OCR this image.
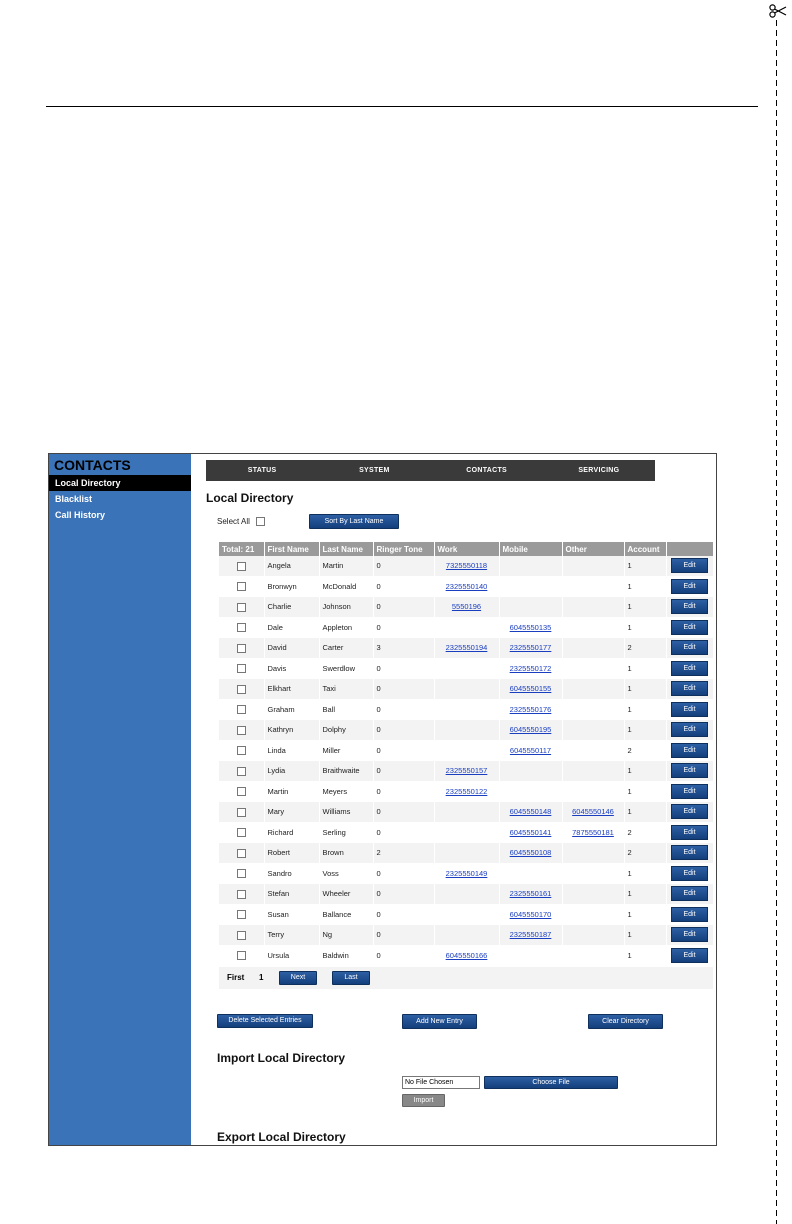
CONTACTS
Local Directory
Blacklist
Call History
STATUS	SYSTEM	CONTACTS	SERVICING
Local Directory
Select All	Sort By Last Name
Total: 21	First Name	Last Name	Ringer Tone	Work	Mobile	Other	Account	
	Angela	Martin	0	7325550118			1	Edit
	Bronwyn	McDonald	0	2325550140			1	Edit
	Charlie	Johnson	0	5550196			1	Edit
	Dale	Appleton	0		6045550135		1	Edit
	David	Carter	3	2325550194	2325550177		2	Edit
	Davis	Swerdlow	0		2325550172		1	Edit
	Elkhart	Taxi	0		6045550155		1	Edit
	Graham	Ball	0		2325550176		1	Edit
	Kathryn	Dolphy	0		6045550195		1	Edit
	Linda	Miller	0		6045550117		2	Edit
	Lydia	Braithwaite	0	2325550157			1	Edit
	Martin	Meyers	0	2325550122			1	Edit
	Mary	Williams	0		6045550148	6045550146	1	Edit
	Richard	Serling	0		6045550141	7875550181	2	Edit
	Robert	Brown	2		6045550108		2	Edit
	Sandro	Voss	0	2325550149			1	Edit
	Stefan	Wheeler	0		2325550161		1	Edit
	Susan	Ballance	0		6045550170		1	Edit
	Terry	Ng	0		2325550187		1	Edit
	Ursula	Baldwin	0	6045550166			1	Edit
First 1	Next	Last
Delete Selected Entries	Add New Entry	Clear Directory
Import Local Directory
No File Chosen	Choose File
Import
Export Local Directory
